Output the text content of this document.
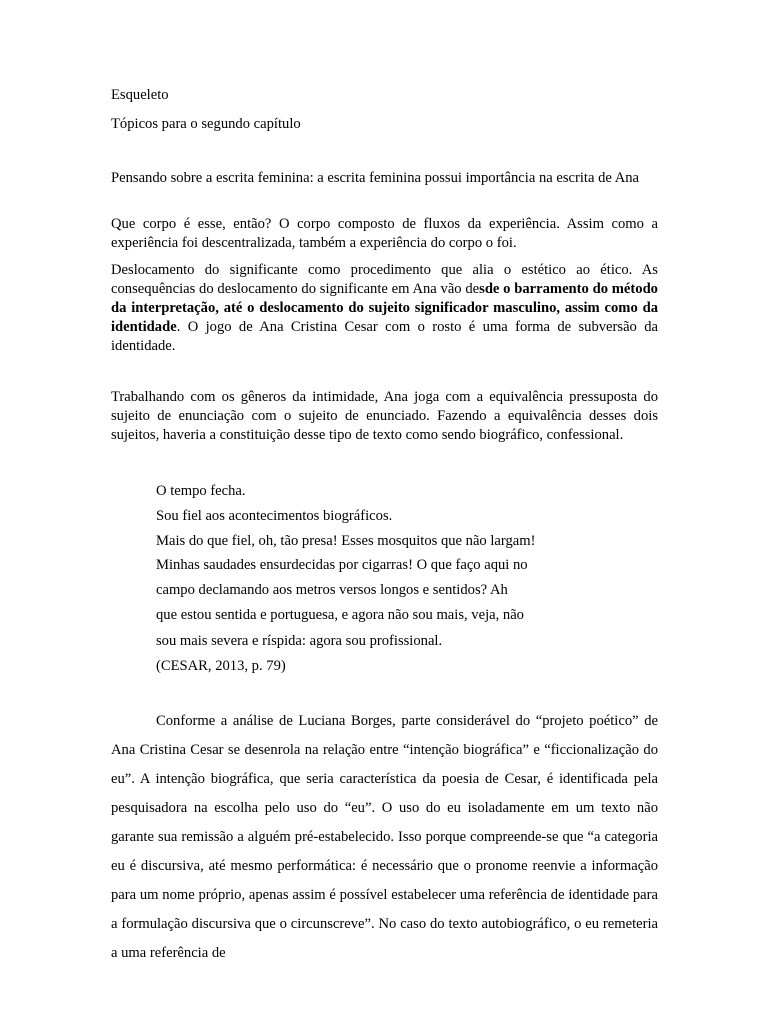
Esqueleto

Tópicos para o segundo capítulo

Pensando sobre a escrita feminina: a escrita feminina possui importância na escrita de Ana

Que corpo é esse, então? O corpo composto de fluxos da experiência. Assim como a experiência foi descentralizada, também a experiência do corpo o foi.

Deslocamento do significante como procedimento que alia o estético ao ético. As consequências do deslocamento do significante em Ana vão desde o barramento do método da interpretação, até o deslocamento do sujeito significador masculino, assim como da identidade. O jogo de Ana Cristina Cesar com o rosto é uma forma de subversão da identidade.

Trabalhando com os gêneros da intimidade, Ana joga com a equivalência pressuposta do sujeito de enunciação com o sujeito de enunciado. Fazendo a equivalência desses dois sujeitos, haveria a constituição desse tipo de texto como sendo biográfico, confessional.

O tempo fecha.

Sou fiel aos acontecimentos biográficos.

Mais do que fiel, oh, tão presa! Esses mosquitos que não largam!

Minhas saudades ensurdecidas por cigarras! O que faço aqui no

campo declamando aos metros versos longos e sentidos? Ah

que estou sentida e portuguesa, e agora não sou mais, veja, não

sou mais severa e ríspida: agora sou profissional.

(CESAR, 2013, p. 79)

Conforme a análise de Luciana Borges, parte considerável do “projeto poético” de Ana Cristina Cesar se desenrola na relação entre “intenção biográfica” e “ficcionalização do eu”. A intenção biográfica, que seria característica da poesia de Cesar, é identificada pela pesquisadora na escolha pelo uso do “eu”. O uso do eu isoladamente em um texto não garante sua remissão a alguém pré-estabelecido. Isso porque compreende-se que “a categoria eu é discursiva, até mesmo performática: é necessário que o pronome reenvie a informação para um nome próprio, apenas assim é possível estabelecer uma referência de identidade para a formulação discursiva que o circunscreve”. No caso do texto autobiográfico, o eu remeteria a uma referência de
